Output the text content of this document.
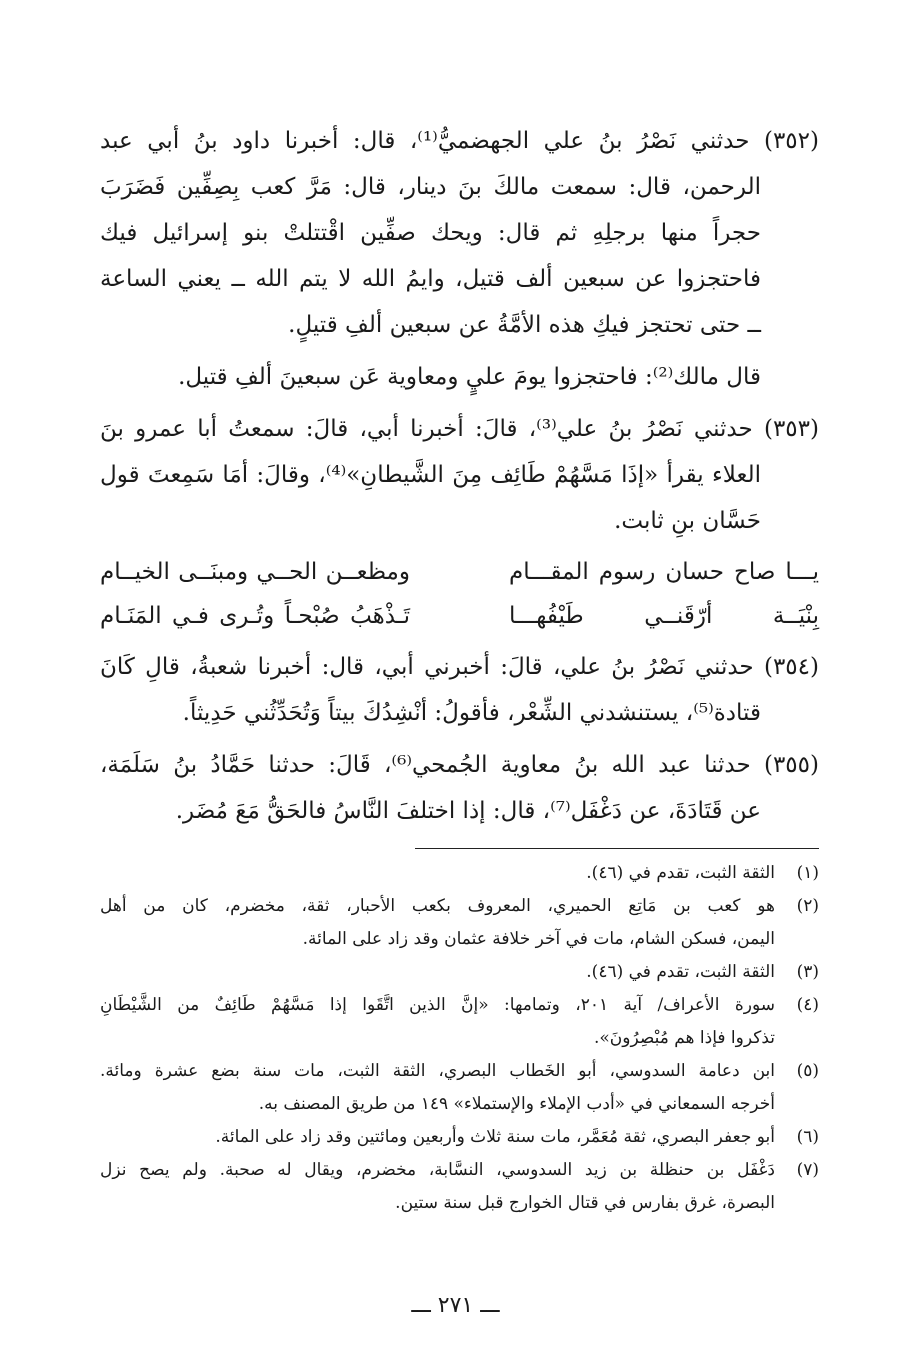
(٣٥٢) حدثني نَصْرُ بنُ علي الجهضميُّ⁽¹⁾، قال: أخبرنا داود بنُ أبي عبد
الرحمن، قال: سمعت مالكَ بنَ دينار، قال: مَرَّ كعب بِصِفِّين فَضَرَبَ
حجراً منها برجلِهِ ثم قال: ويحك صفِّين اقْتتلتْ بنو إسرائيل فيك
فاحتجزوا عن سبعين ألف قتيل، وايمُ الله لا يتم الله ــ يعني الساعة
ــ حتى تحتجز فيكِ هذه الأمَّةُ عن سبعين ألفِ قتيلٍ.
قال مالك⁽²⁾: فاحتجزوا يومَ عليٍ ومعاوية عَن سبعينَ ألفِ قتيل.
(٣٥٣) حدثني نَصْرُ بنُ علي⁽³⁾، قالَ: أخبرنا أبي، قالَ: سمعتُ أبا عمرو بنَ
العلاء يقرأ «إذَا مَسَّهُمْ طَائِف مِنَ الشَّيطانِ»⁽⁴⁾، وقالَ: أمَا سَمِعتَ قول
حَسَّان بنِ ثابت.
يـــا صاح حسان رسوم المقـــام
ومظعــن الحــي ومبنَــى الخيــام
بِنْيَــة أرّقَنــي طَيْفُهـــا
تَـذْهَبُ صُبْحـاً وتُـرى فـي المَنَـام
(٣٥٤) حدثني نَصْرُ بنُ علي، قالَ: أخبرني أبي، قال: أخبرنا شعبةُ، قالِ كَانَ
قتادة⁽⁵⁾، يستنشدني الشِّعْر، فأقولُ: أنْشِدُكَ بيتاً وَتُحَدِّثُني حَدِيثاً.
(٣٥٥) حدثنا عبد الله بنُ معاوية الجُمحي⁽⁶⁾، قَالَ: حدثنا حَمَّادُ بنُ سَلَمَة،
عن قَتَادَةَ، عن دَغْفَل⁽⁷⁾، قال: إذا اختلفَ النَّاسُ فالحَقُّ مَعَ مُضَر.
(١)
الثقة الثبت، تقدم في (٤٦).
(٢)
هو كعب بن مَاتِع الحميري، المعروف بكعب الأحبار، ثقة، مخضرم، كان من أهل
اليمن، فسكن الشام، مات في آخر خلافة عثمان وقد زاد على المائة.
(٣)
الثقة الثبت، تقدم في (٤٦).
(٤)
سورة الأعراف/ آية ٢٠١، وتمامها: «إنَّ الذين اتَّقَوا إذا مَسَّهُمْ طَائِفٌ من الشَّيْطَانِ
تذكروا فإذا هم مُبْصِرُونَ».
(٥)
ابن دعامة السدوسي، أبو الخَطاب البصري، الثقة الثبت، مات سنة بضع عشرة ومائة.
أخرجه السمعاني في «أدب الإملاء والإستملاء» ١٤٩ من طريق المصنف به.
(٦)
أبو جعفر البصري، ثقة مُعَمَّر، مات سنة ثلاث وأربعين ومائتين وقد زاد على المائة.
(٧)
دَغْفَل بن حنظلة بن زيد السدوسي، النسَّابة، مخضرم، ويقال له صحبة. ولم يصح نزل
البصرة، غرق بفارس في قتال الخوارج قبل سنة ستين.
ـــ ٢٧١ ـــ
